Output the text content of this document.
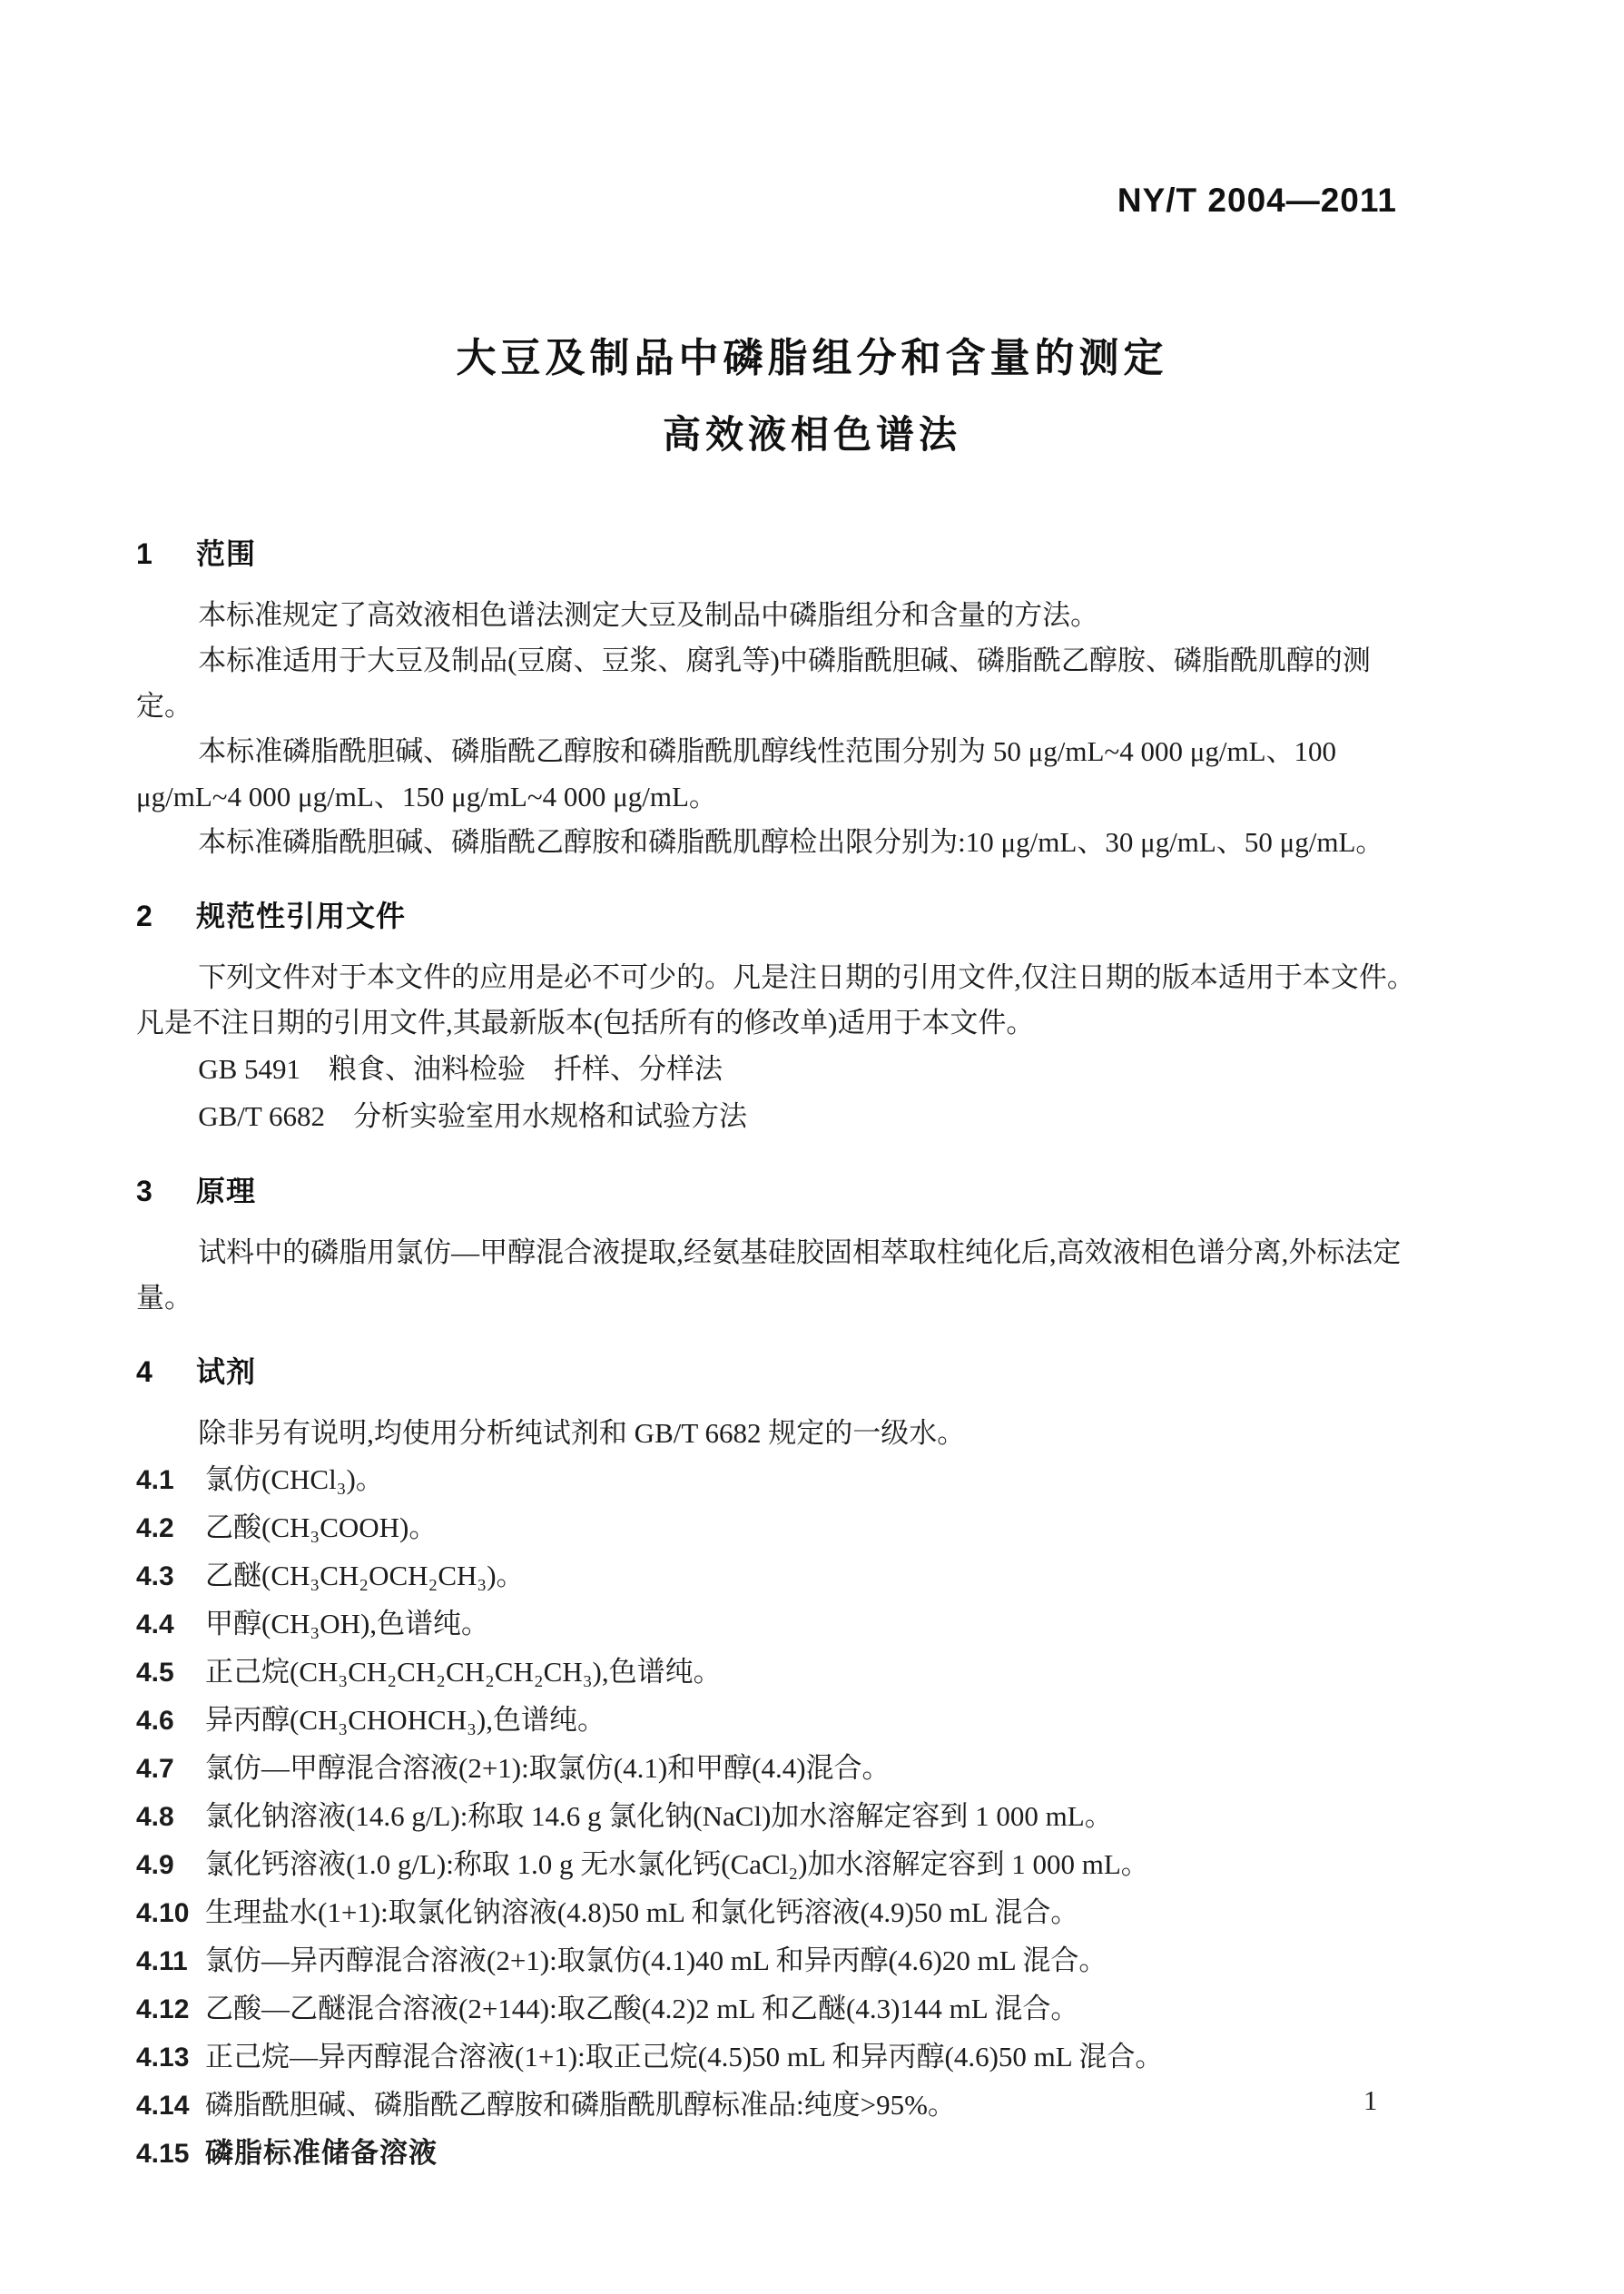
NY/T 2004—2011
大豆及制品中磷脂组分和含量的测定
高效液相色谱法
1 范围

本标准规定了高效液相色谱法测定大豆及制品中磷脂组分和含量的方法。

本标准适用于大豆及制品(豆腐、豆浆、腐乳等)中磷脂酰胆碱、磷脂酰乙醇胺、磷脂酰肌醇的测定。

本标准磷脂酰胆碱、磷脂酰乙醇胺和磷脂酰肌醇线性范围分别为 50 μg/mL~4 000 μg/mL、100 μg/mL~4 000 μg/mL、150 μg/mL~4 000 μg/mL。

本标准磷脂酰胆碱、磷脂酰乙醇胺和磷脂酰肌醇检出限分别为:10 μg/mL、30 μg/mL、50 μg/mL。

2 规范性引用文件

下列文件对于本文件的应用是必不可少的。凡是注日期的引用文件,仅注日期的版本适用于本文件。凡是不注日期的引用文件,其最新版本(包括所有的修改单)适用于本文件。

GB 5491　粮食、油料检验　扦样、分样法
GB/T 6682　分析实验室用水规格和试验方法
3 原理

试料中的磷脂用氯仿—甲醇混合液提取,经氨基硅胶固相萃取柱纯化后,高效液相色谱分离,外标法定量。

4 试剂

除非另有说明,均使用分析纯试剂和 GB/T 6682 规定的一级水。

4.1	氯仿(CHCl₃)。
4.2	乙酸(CH₃COOH)。
4.3	乙醚(CH₃CH₂OCH₂CH₃)。
4.4	甲醇(CH₃OH),色谱纯。
4.5	正己烷(CH₃CH₂CH₂CH₂CH₂CH₃),色谱纯。
4.6	异丙醇(CH₃CHOHCH₃),色谱纯。
4.7	氯仿—甲醇混合溶液(2+1):取氯仿(4.1)和甲醇(4.4)混合。
4.8	氯化钠溶液(14.6 g/L):称取 14.6 g 氯化钠(NaCl)加水溶解定容到 1 000 mL。
4.9	氯化钙溶液(1.0 g/L):称取 1.0 g 无水氯化钙(CaCl₂)加水溶解定容到 1 000 mL。
4.10 生理盐水(1+1):取氯化钠溶液(4.8)50 mL 和氯化钙溶液(4.9)50 mL 混合。
4.11 氯仿—异丙醇混合溶液(2+1):取氯仿(4.1)40 mL 和异丙醇(4.6)20 mL 混合。
4.12 乙酸—乙醚混合溶液(2+144):取乙酸(4.2)2 mL 和乙醚(4.3)144 mL 混合。
4.13 正己烷—异丙醇混合溶液(1+1):取正己烷(4.5)50 mL 和异丙醇(4.6)50 mL 混合。
4.14 磷脂酰胆碱、磷脂酰乙醇胺和磷脂酰肌醇标准品:纯度>95%。
4.15 磷脂标准储备溶液
1
